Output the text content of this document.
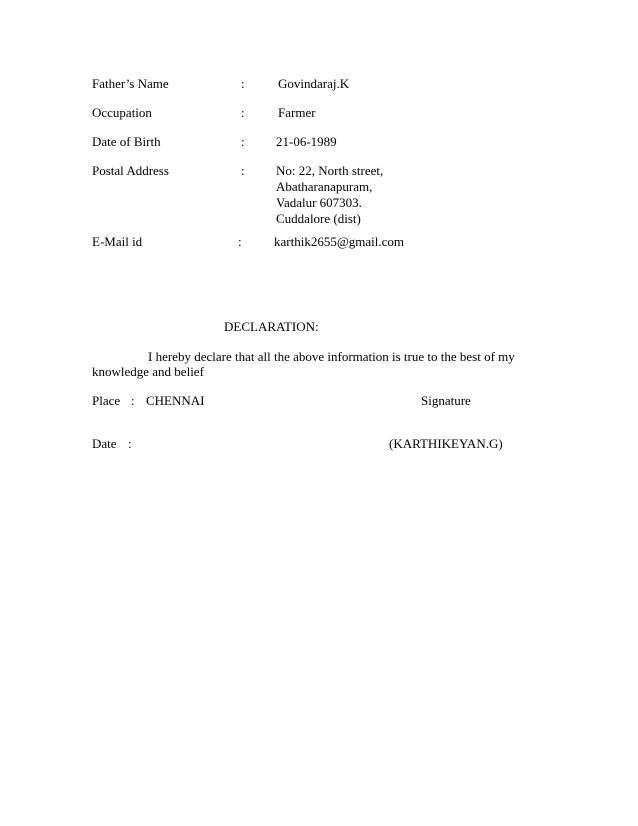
Father’s Name	:	Govindaraj.K
Occupation	:	Farmer
Date of Birth	: 21-06-1989
Postal Address	: No: 22, North street,
Abatharanapuram,
Vadalur 607303.
Cuddalore (dist)
E-Mail id	: karthik2655@gmail.com
DECLARATION:
I hereby declare that all the above information is true to the best of my
knowledge and belief
Place : CHENNAI	Signature
Date :	(KARTHIKEYAN.G)
